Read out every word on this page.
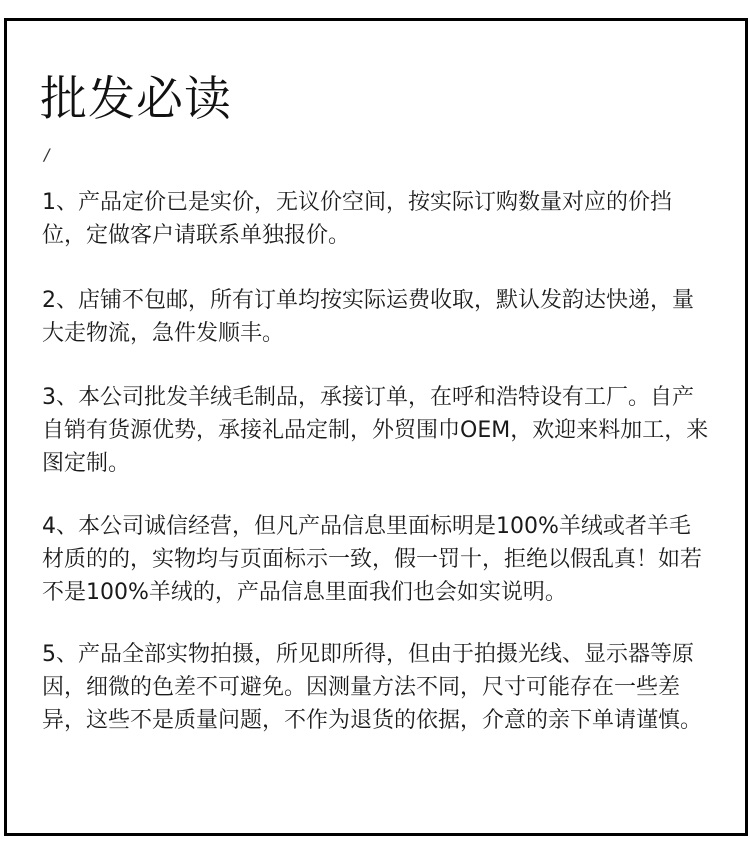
批发必读
/

1、产品定价已是实价，无议价空间，按实际订购数量对应的价挡位，定做客户请联系单独报价。

2、店铺不包邮，所有订单均按实际运费收取，默认发韵达快递，量大走物流，急件发顺丰。

3、本公司批发羊绒毛制品，承接订单，在呼和浩特设有工厂。自产自销有货源优势，承接礼品定制，外贸围巾OEM，欢迎来料加工，来图定制。

4、本公司诚信经营，但凡产品信息里面标明是100%羊绒或者羊毛材质的的，实物均与页面标示一致，假一罚十，拒绝以假乱真！如若不是100%羊绒的，产品信息里面我们也会如实说明。

5、产品全部实物拍摄，所见即所得，但由于拍摄光线、显示器等原因，细微的色差不可避免。因测量方法不同，尺寸可能存在一些差异，这些不是质量问题，不作为退货的依据，介意的亲下单请谨慎。
